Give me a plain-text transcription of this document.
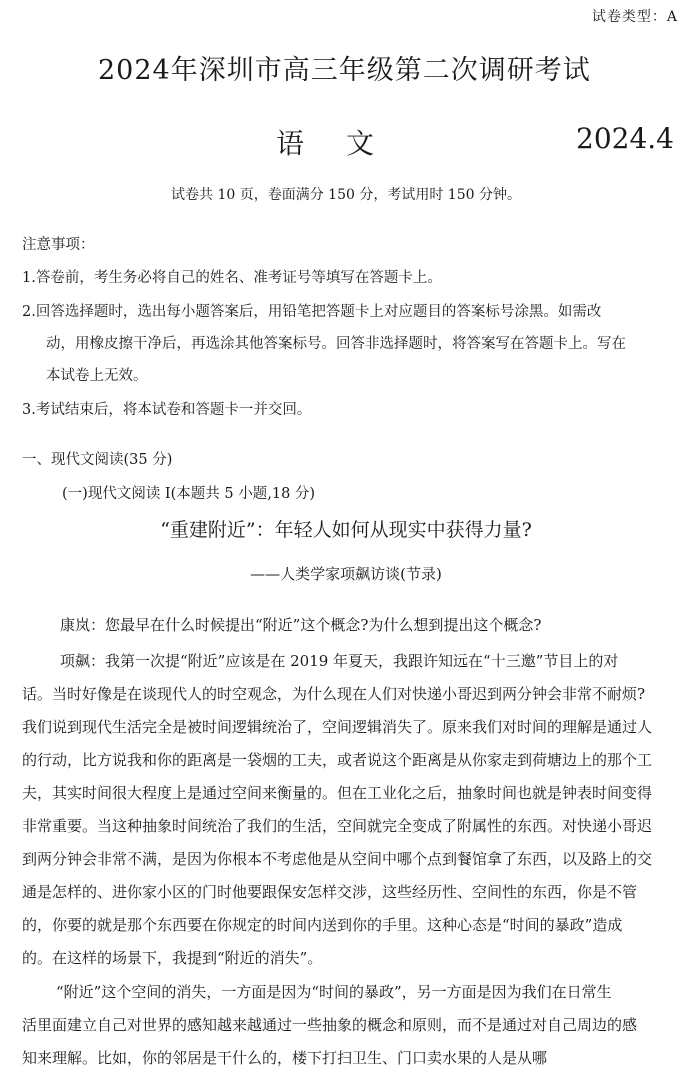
试卷类型：A
2024年深圳市高三年级第二次调研考试
语 文	2024.4
试卷共 10 页，卷面满分 150 分，考试用时 150 分钟。
注意事项：
1.答卷前，考生务必将自己的姓名、准考证号等填写在答题卡上。
2.回答选择题时，选出每小题答案后，用铅笔把答题卡上对应题目的答案标号涂黑。如需改
动，用橡皮擦干净后，再选涂其他答案标号。回答非选择题时，将答案写在答题卡上。写在
本试卷上无效。
3.考试结束后，将本试卷和答题卡一并交回。
一、现代文阅读(35 分)
(一)现代文阅读 I(本题共 5 小题,18 分)
“重建附近”：年轻人如何从现实中获得力量?
——人类学家项飙访谈(节录)
康岚：您最早在什么时候提出“附近”这个概念?为什么想到提出这个概念?
项飙：我第一次提“附近”应该是在 2019 年夏天，我跟许知远在“十三邀”节目上的对
话。当时好像是在谈现代人的时空观念，为什么现在人们对快递小哥迟到两分钟会非常不耐烦?
我们说到现代生活完全是被时间逻辑统治了，空间逻辑消失了。原来我们对时间的理解是通过人
的行动，比方说我和你的距离是一袋烟的工夫，或者说这个距离是从你家走到荷塘边上的那个工
夫，其实时间很大程度上是通过空间来衡量的。但在工业化之后，抽象时间也就是钟表时间变得
非常重要。当这种抽象时间统治了我们的生活，空间就完全变成了附属性的东西。对快递小哥迟
到两分钟会非常不满，是因为你根本不考虑他是从空间中哪个点到餐馆拿了东西，以及路上的交
通是怎样的、进你家小区的门时他要跟保安怎样交涉，这些经历性、空间性的东西，你是不管
的，你要的就是那个东西要在你规定的时间内送到你的手里。这种心态是“时间的暴政”造成
的。在这样的场景下，我提到“附近的消失”。
“附近”这个空间的消失，一方面是因为“时间的暴政”，另一方面是因为我们在日常生
活里面建立自己对世界的感知越来越通过一些抽象的概念和原则，而不是通过对自己周边的感
知来理解。比如，你的邻居是干什么的，楼下打扫卫生、门口卖水果的人是从哪
